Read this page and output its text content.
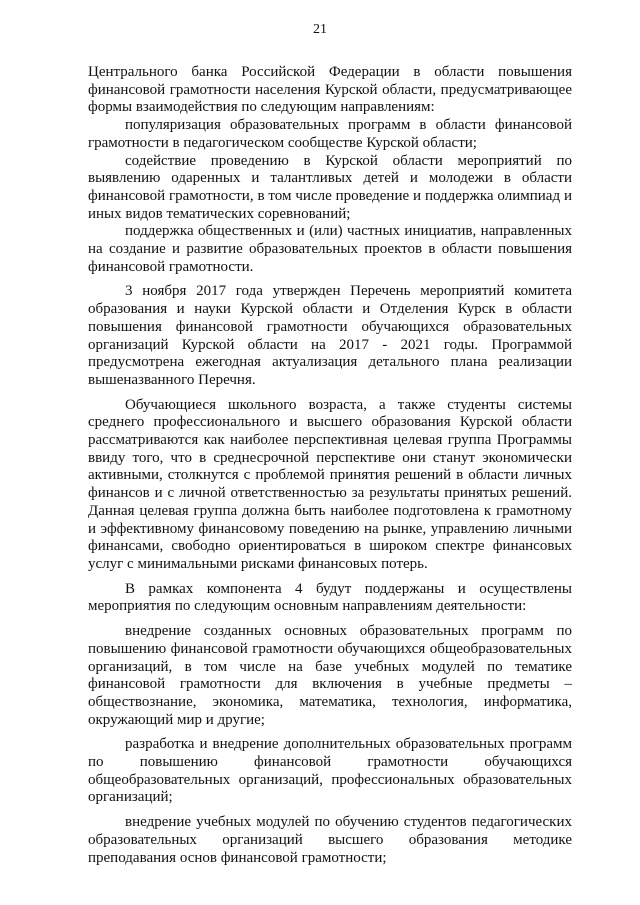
21

Центрального банка Российской Федерации в области повышения финансовой грамотности населения Курской области, предусматривающее формы взаимодействия по следующим направлениям:

популяризация образовательных программ в области финансовой грамотности в педагогическом сообществе Курской области;

содействие проведению в Курской области мероприятий по выявлению одаренных и талантливых детей и молодежи в области финансовой грамотности, в том числе проведение и поддержка олимпиад и иных видов тематических соревнований;

поддержка общественных и (или) частных инициатив, направленных на создание и развитие образовательных проектов в области повышения финансовой грамотности.

3 ноября 2017 года утвержден Перечень мероприятий комитета образования и науки Курской области и Отделения Курск в области повышения финансовой грамотности обучающихся образовательных организаций Курской области на 2017 - 2021 годы. Программой предусмотрена ежегодная актуализация детального плана реализации вышеназванного Перечня.

Обучающиеся школьного возраста, а также студенты системы среднего профессионального и высшего образования Курской области рассматриваются как наиболее перспективная целевая группа Программы ввиду того, что в среднесрочной перспективе они станут экономически активными, столкнутся с проблемой принятия решений в области личных финансов и с личной ответственностью за результаты принятых решений. Данная целевая группа должна быть наиболее подготовлена к грамотному и эффективному финансовому поведению на рынке, управлению личными финансами, свободно ориентироваться в широком спектре финансовых услуг с минимальными рисками финансовых потерь.

В рамках компонента 4 будут поддержаны и осуществлены мероприятия по следующим основным направлениям деятельности:

внедрение созданных основных образовательных программ по повышению финансовой грамотности обучающихся общеобразовательных организаций, в том числе на базе учебных модулей по тематике финансовой грамотности для включения в учебные предметы – обществознание, экономика, математика, технология, информатика, окружающий мир и другие;

разработка и внедрение дополнительных образовательных программ по повышению финансовой грамотности обучающихся общеобразовательных организаций, профессиональных образовательных организаций;

внедрение учебных модулей по обучению студентов педагогических образовательных организаций высшего образования методике преподавания основ финансовой грамотности;
